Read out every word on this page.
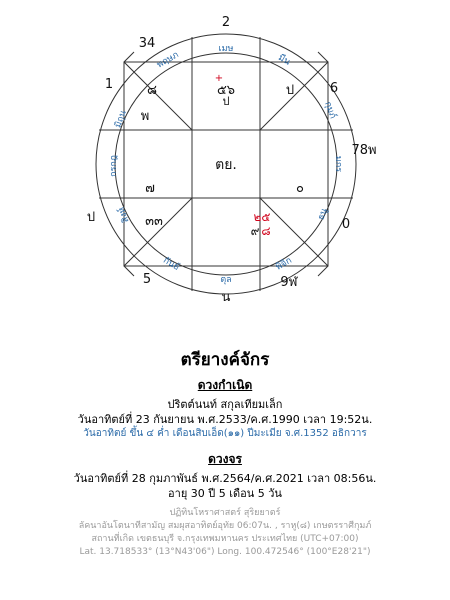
เมษ
พฤษภ
มิถุน
กรกฎ
สิงห์
กันย์
ตุล
พิจิก
ธนู
มกร
กุมภ์
มีน
2
34
1	6
78พ
ป	0
5
น
9ฬ
ตย.
+
๕๖
ป
๘	ป
พ
๗	๐
๓๓	๒๕
๙ ๘
ตรียางค์จักร
ดวงกำเนิด
ปริตต์นนท์ สกุลเทียมเล็ก
วันอาทิตย์ที่ 23 กันยายน พ.ศ.2533/ค.ศ.1990 เวลา 19:52น.
วันอาทิตย์ ขึ้น ๔ ค่ำ เดือนสิบเอ็ด(๑๑) ปีมะเมีย จ.ศ.1352 อธิกวาร
ดวงจร
วันอาทิตย์ที่ 28 กุมภาพันธ์ พ.ศ.2564/ค.ศ.2021 เวลา 08:56น.
อายุ 30 ปี 5 เดือน 5 วัน
ปฏิทินโหราศาสตร์ สุริยยาตร์
ลัคนาอันโตนาทีสามัญ สมผุสอาทิตย์อุทัย 06:07น. , ราหู(๘) เกษตรราศีกุมภ์
สถานที่เกิด เขตธนบุรี จ.กรุงเทพมหานคร ประเทศไทย (UTC+07:00)
Lat. 13.718533° (13°N43'06") Long. 100.472546° (100°E28'21")
